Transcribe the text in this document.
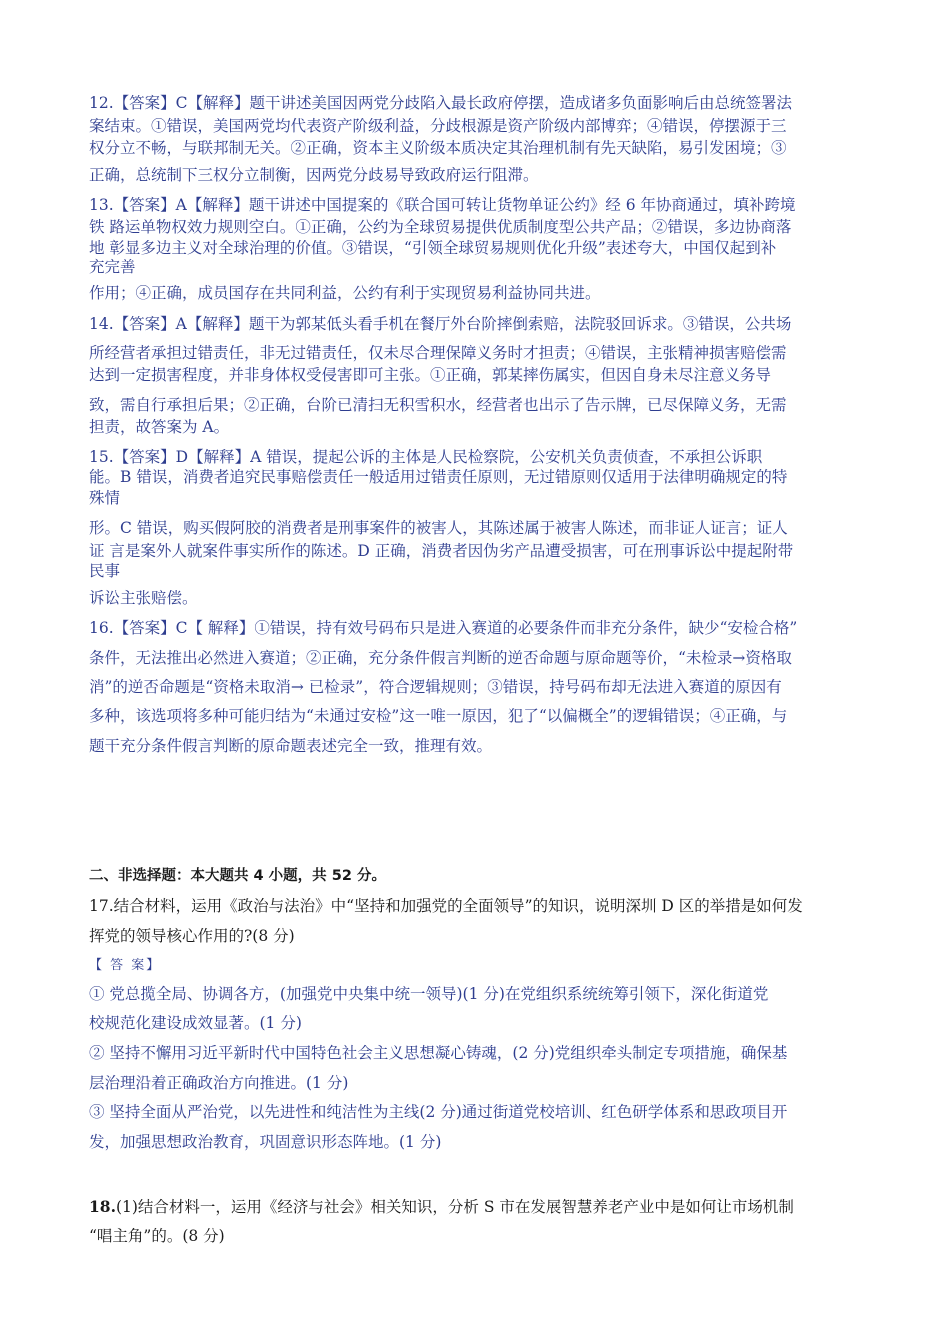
12.【答案】C【解释】题干讲述美国因两党分歧陷入最长政府停摆，造成诸多负面影响后由总统签署法
案结束。①错误，美国两党均代表资产阶级利益，分歧根源是资产阶级内部博弈；④错误，停摆源于三
权分立不畅，与联邦制无关。②正确，资本主义阶级本质决定其治理机制有先天缺陷，易引发困境；③
正确，总统制下三权分立制衡，因两党分歧易导致政府运行阻滞。
13.【答案】A【解释】题干讲述中国提案的《联合国可转让货物单证公约》经 6 年协商通过，填补跨境
铁 路运单物权效力规则空白。①正确，公约为全球贸易提供优质制度型公共产品；②错误，多边协商落
地 彰显多边主义对全球治理的价值。③错误，“引领全球贸易规则优化升级”表述夸大，中国仅起到补
充完善
作用；④正确，成员国存在共同利益，公约有利于实现贸易利益协同共进。
14.【答案】A【解释】题干为郭某低头看手机在餐厅外台阶摔倒索赔，法院驳回诉求。③错误，公共场
所经营者承担过错责任，非无过错责任，仅未尽合理保障义务时才担责；④错误，主张精神损害赔偿需
达到一定损害程度，并非身体权受侵害即可主张。①正确，郭某摔伤属实，但因自身未尽注意义务导
致，需自行承担后果；②正确，台阶已清扫无积雪积水，经营者也出示了告示牌，已尽保障义务，无需
担责，故答案为 A。
15.【答案】D【解释】A 错误，提起公诉的主体是人民检察院，公安机关负责侦查，不承担公诉职
能。B 错误，消费者追究民事赔偿责任一般适用过错责任原则，无过错原则仅适用于法律明确规定的特
殊情
形。C 错误，购买假阿胶的消费者是刑事案件的被害人，其陈述属于被害人陈述，而非证人证言；证人
证 言是案外人就案件事实所作的陈述。D 正确，消费者因伪劣产品遭受损害，可在刑事诉讼中提起附带
民事
诉讼主张赔偿。
16.【答案】C【 解释】①错误，持有效号码布只是进入赛道的必要条件而非充分条件，缺少“安检合格”
条件，无法推出必然进入赛道；②正确，充分条件假言判断的逆否命题与原命题等价，“未检录→资格取
消”的逆否命题是“资格未取消→ 已检录”，符合逻辑规则；③错误，持号码布却无法进入赛道的原因有
多种，该选项将多种可能归结为“未通过安检”这一唯一原因，犯了“以偏概全”的逻辑错误；④正确，与
题干充分条件假言判断的原命题表述完全一致，推理有效。
二、非选择题：本大题共 4 小题，共 52 分。
17.结合材料，运用《政治与法治》中“坚持和加强党的全面领导”的知识，说明深圳 D 区的举措是如何发
挥党的领导核心作用的?(8 分)
【 答 案】
① 党总揽全局、协调各方，(加强党中央集中统一领导)(1 分)在党组织系统统筹引领下，深化街道党
校规范化建设成效显著。(1 分)
② 坚持不懈用习近平新时代中国特色社会主义思想凝心铸魂，(2 分)党组织牵头制定专项措施，确保基
层治理沿着正确政治方向推进。(1 分)
③ 坚持全面从严治党，以先进性和纯洁性为主线(2 分)通过街道党校培训、红色研学体系和思政项目开
发，加强思想政治教育，巩固意识形态阵地。(1 分)
18.(1)结合材料一，运用《经济与社会》相关知识，分析 S 市在发展智慧养老产业中是如何让市场机制
“唱主角”的。(8 分)
